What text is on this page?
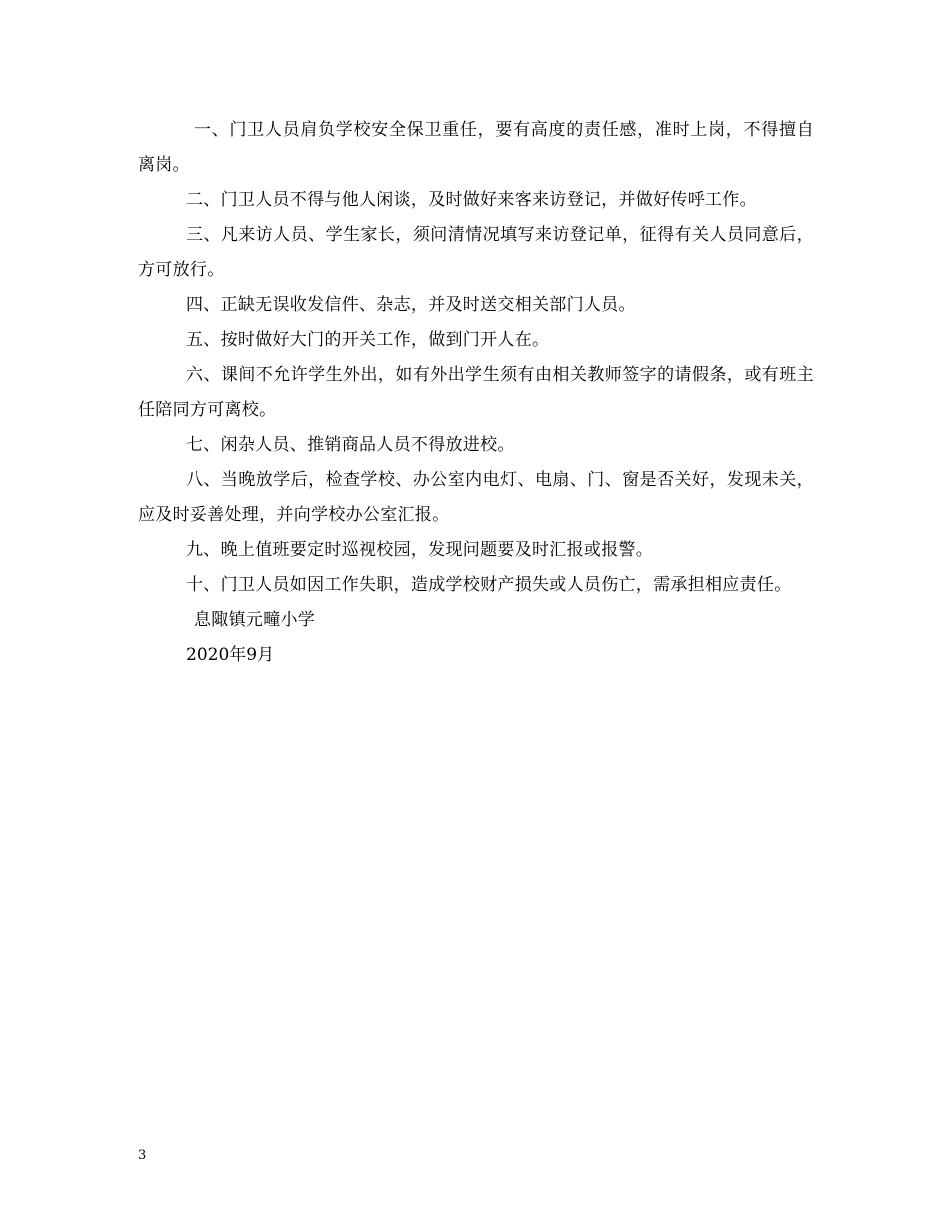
一、门卫人员肩负学校安全保卫重任，要有高度的责任感，准时上岗，不得擅自离岗。

二、门卫人员不得与他人闲谈，及时做好来客来访登记，并做好传呼工作。

三、凡来访人员、学生家长，须问清情况填写来访登记单，征得有关人员同意后，方可放行。

四、正缺无误收发信件、杂志，并及时送交相关部门人员。

五、按时做好大门的开关工作，做到门开人在。

六、课间不允许学生外出，如有外出学生须有由相关教师签字的请假条，或有班主任陪同方可离校。

七、闲杂人员、推销商品人员不得放进校。

八、当晚放学后，检查学校、办公室内电灯、电扇、门、窗是否关好，发现未关，应及时妥善处理，并向学校办公室汇报。

九、晚上值班要定时巡视校园，发现问题要及时汇报或报警。

十、门卫人员如因工作失职，造成学校财产损失或人员伤亡，需承担相应责任。

息陬镇元疃小学

2020年9月

3
